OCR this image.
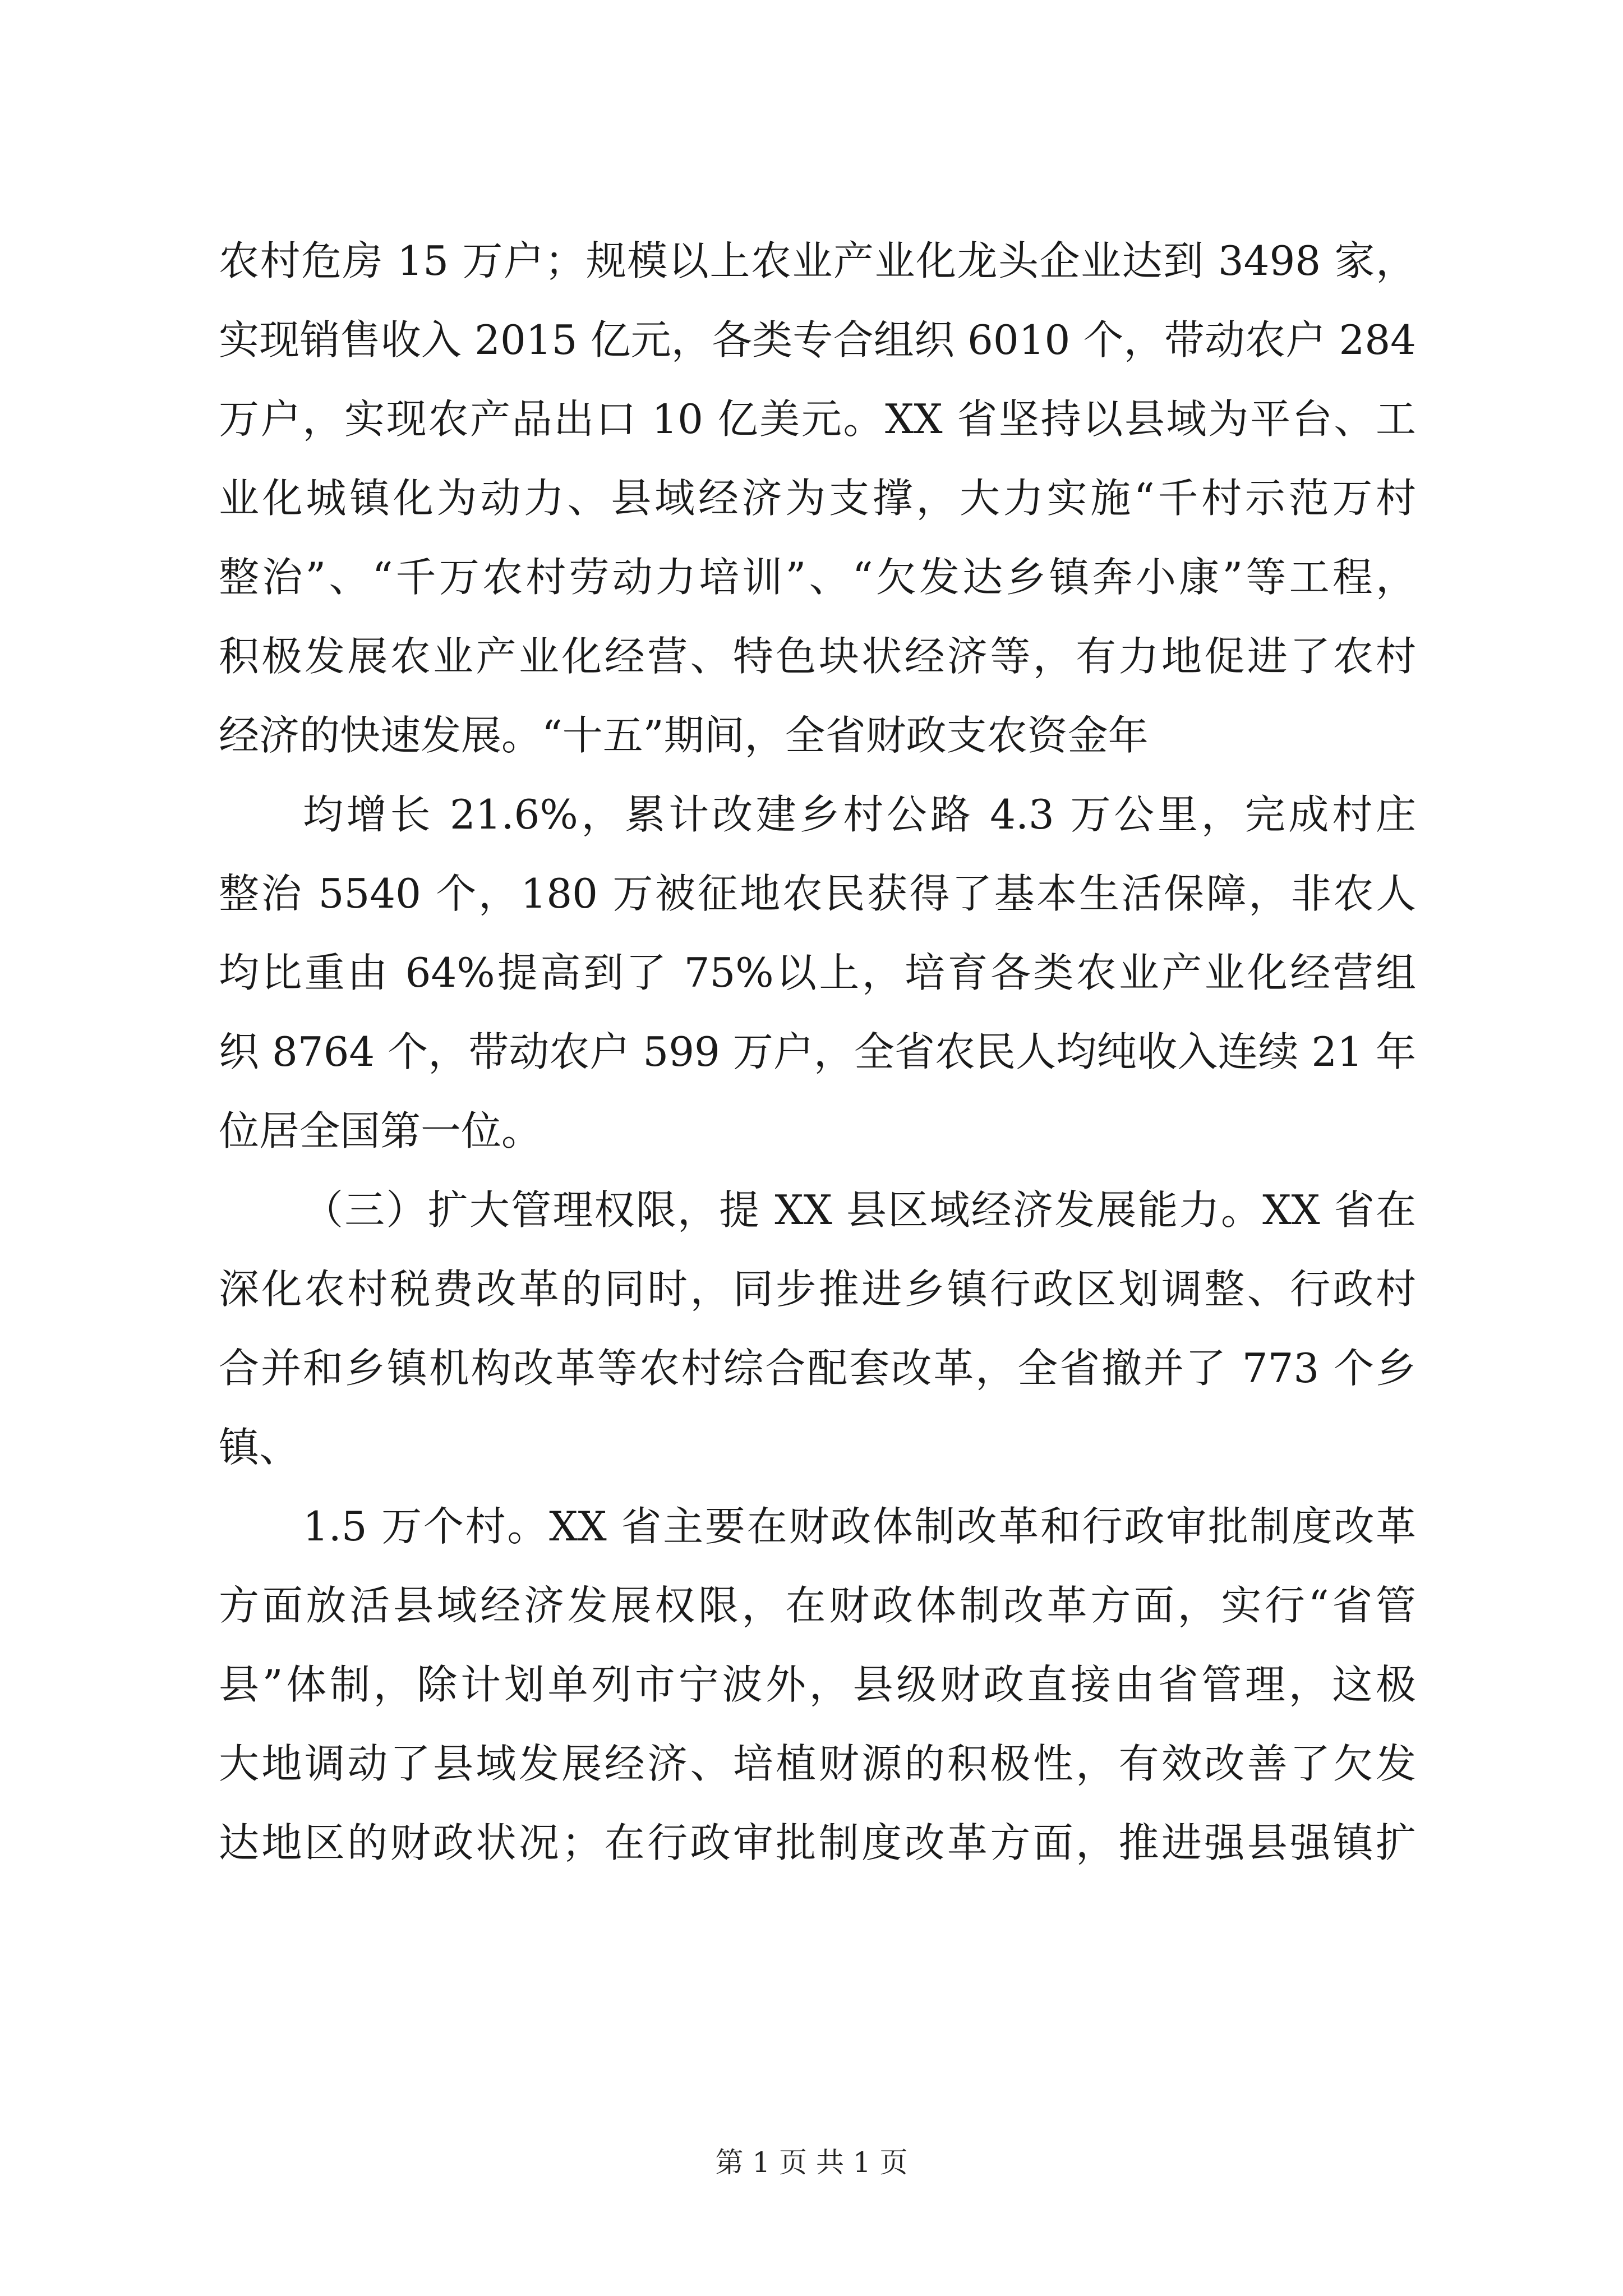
农村危房 15 万户；规模以上农业产业化龙头企业达到 3498 家，
实现销售收入 2015 亿元，各类专合组织 6010 个，带动农户 284
万户，实现农产品出口 10 亿美元。XX 省坚持以县域为平台、工
业化城镇化为动力、县域经济为支撑，大力实施“千村示范万村
整治”、“千万农村劳动力培训”、“欠发达乡镇奔小康”等工程，
积极发展农业产业化经营、特色块状经济等，有力地促进了农村
经济的快速发展。“十五”期间，全省财政支农资金年
均增长 21.6%，累计改建乡村公路 4.3 万公里，完成村庄
整治 5540 个，180 万被征地农民获得了基本生活保障，非农人
均比重由 64%提高到了 75%以上，培育各类农业产业化经营组
织 8764 个，带动农户 599 万户，全省农民人均纯收入连续 21 年
位居全国第一位。
（三）扩大管理权限，提 XX 县区域经济发展能力。XX 省在
深化农村税费改革的同时，同步推进乡镇行政区划调整、行政村
合并和乡镇机构改革等农村综合配套改革，全省撤并了 773 个乡
镇、
1.5 万个村。XX 省主要在财政体制改革和行政审批制度改革
方面放活县域经济发展权限，在财政体制改革方面，实行“省管
县”体制，除计划单列市宁波外，县级财政直接由省管理，这极
大地调动了县域发展经济、培植财源的积极性，有效改善了欠发
达地区的财政状况；在行政审批制度改革方面，推进强县强镇扩
第 1 页 共 1 页
